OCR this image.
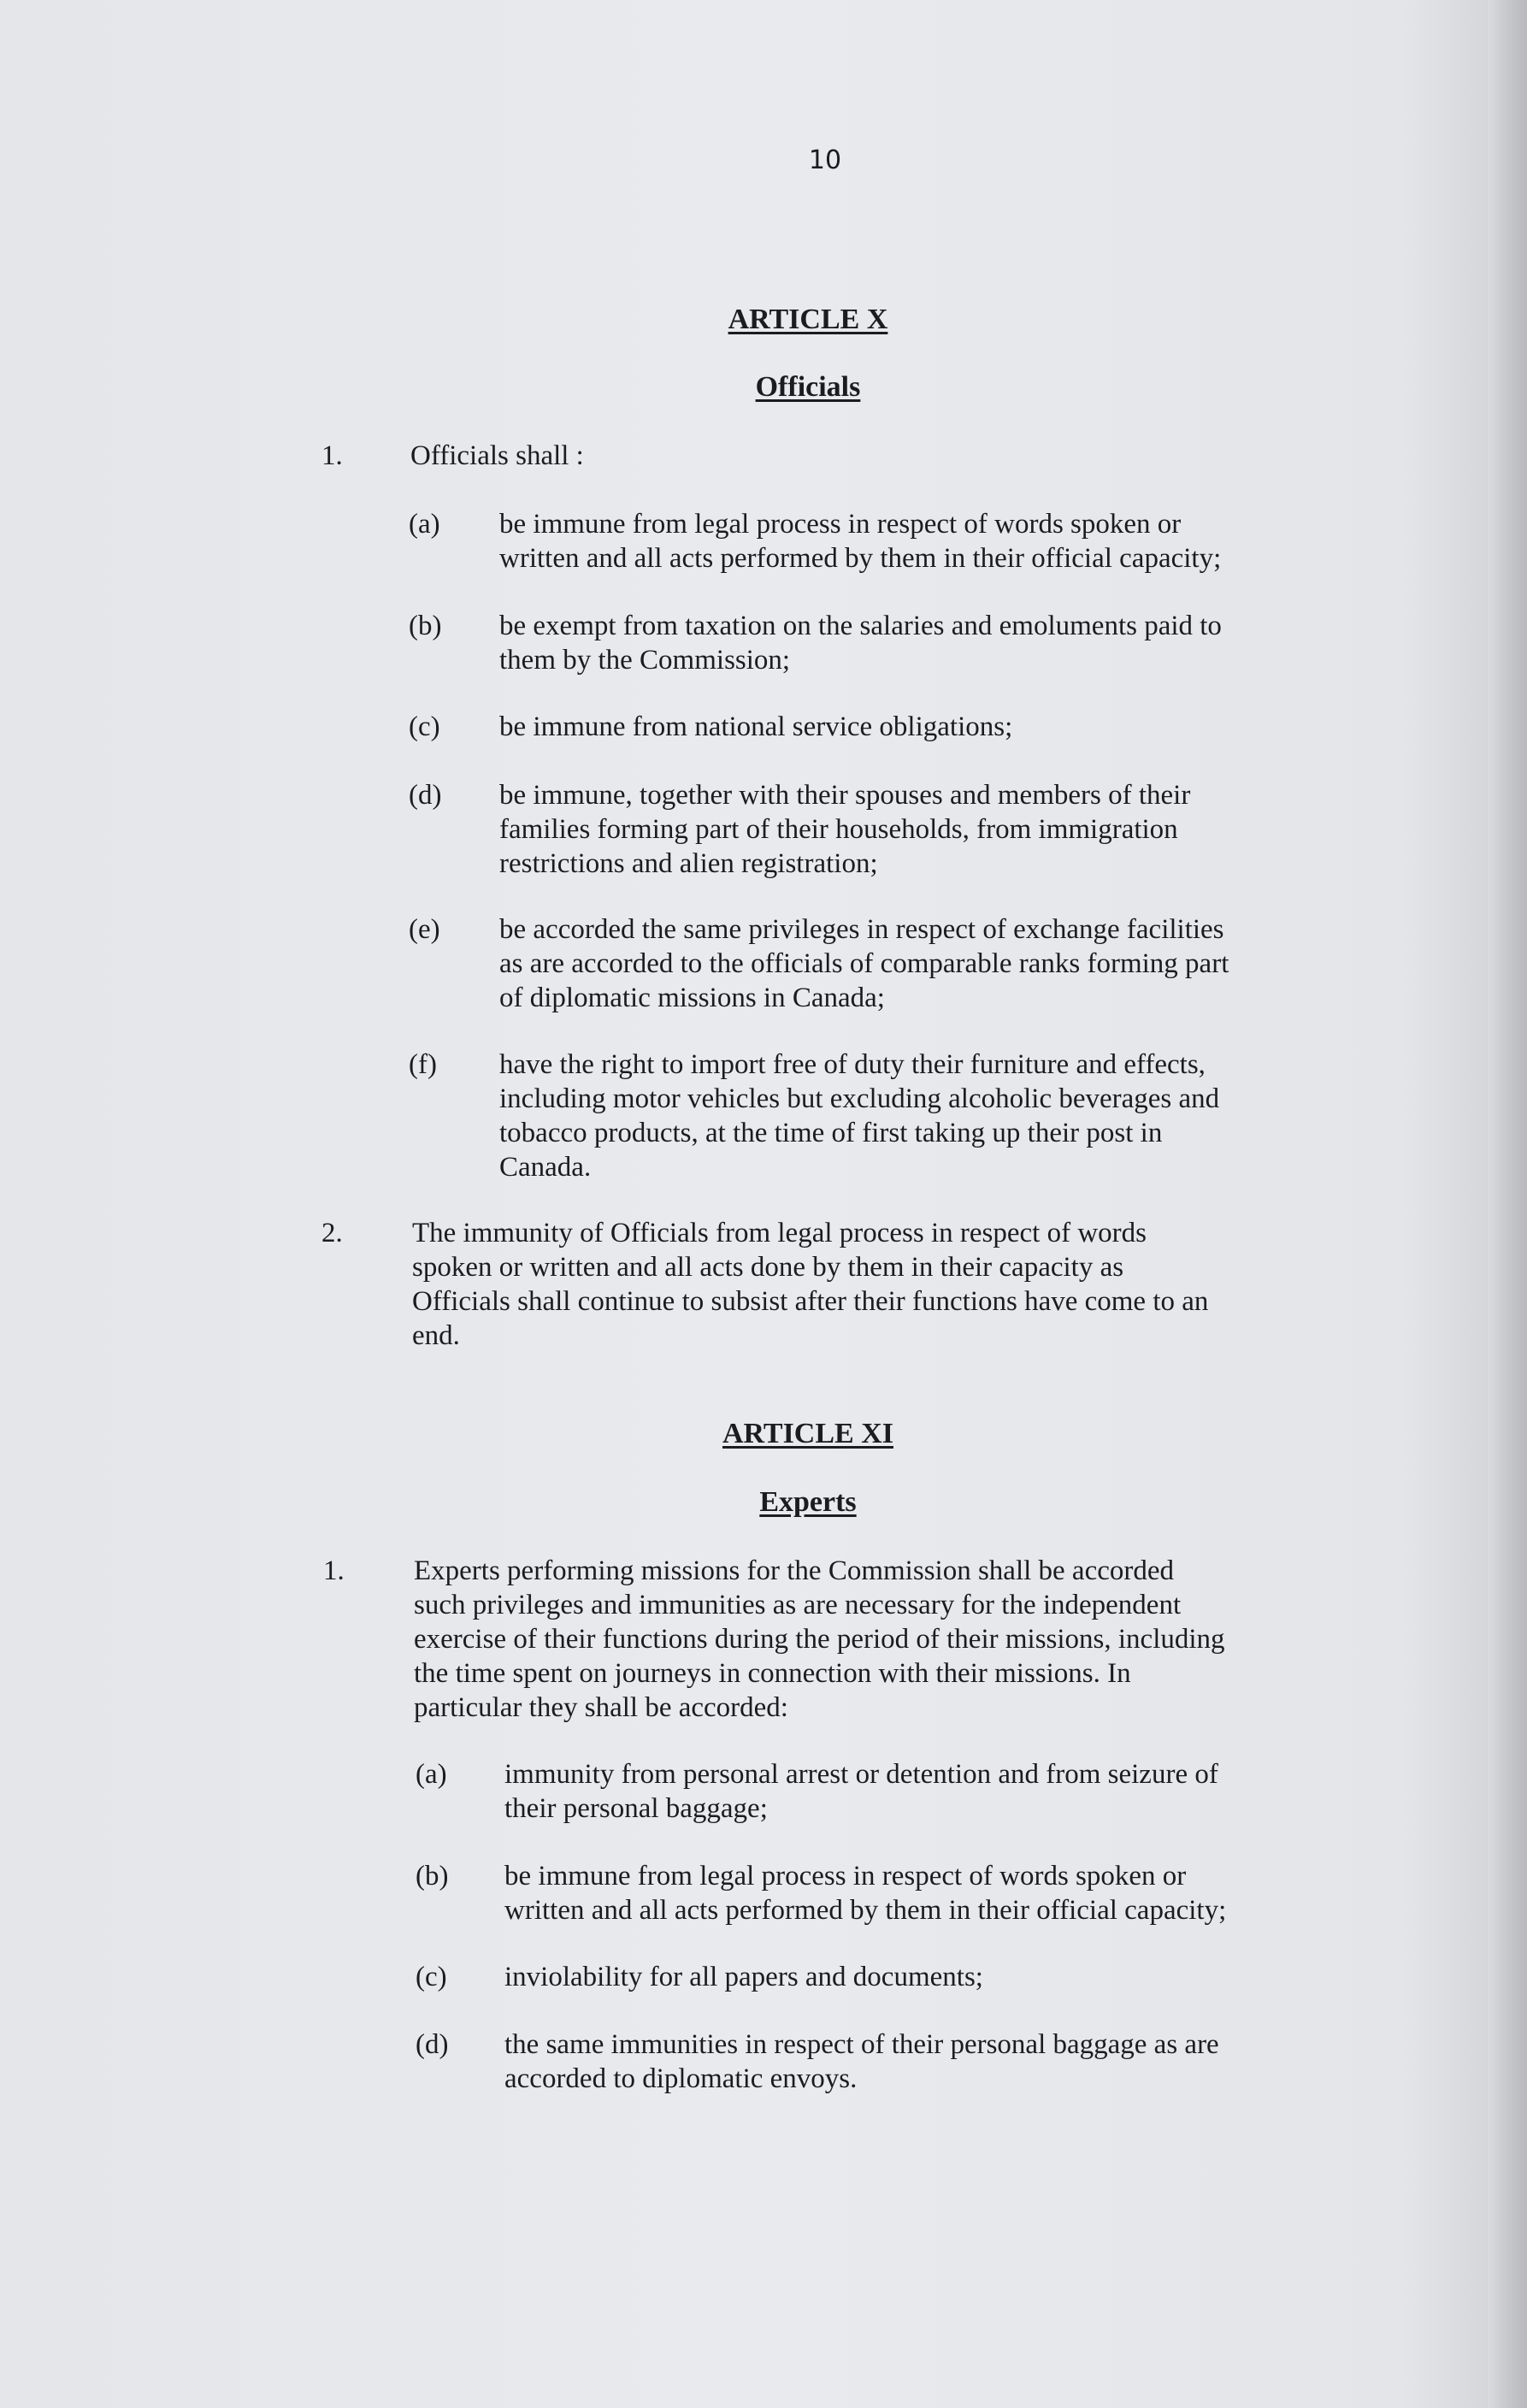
10
ARTICLE X
Officials
1. Officials shall :
(a) be immune from legal process in respect of words spoken or
written and all acts performed by them in their official capacity;
(b) be exempt from taxation on the salaries and emoluments paid to
them by the Commission;
(c) be immune from national service obligations;
(d) be immune, together with their spouses and members of their
families forming part of their households, from immigration
restrictions and alien registration;
(e) be accorded the same privileges in respect of exchange facilities
as are accorded to the officials of comparable ranks forming part
of diplomatic missions in Canada;
(f) have the right to import free of duty their furniture and effects,
including motor vehicles but excluding alcoholic beverages and
tobacco products, at the time of first taking up their post in
Canada.
2. The immunity of Officials from legal process in respect of words
spoken or written and all acts done by them in their capacity as
Officials shall continue to subsist after their functions have come to an
end.
ARTICLE XI
Experts
1. Experts performing missions for the Commission shall be accorded
such privileges and immunities as are necessary for the independent
exercise of their functions during the period of their missions, including
the time spent on journeys in connection with their missions. In
particular they shall be accorded:
(a) immunity from personal arrest or detention and from seizure of
their personal baggage;
(b) be immune from legal process in respect of words spoken or
written and all acts performed by them in their official capacity;
(c) inviolability for all papers and documents;
(d) the same immunities in respect of their personal baggage as are
accorded to diplomatic envoys.
